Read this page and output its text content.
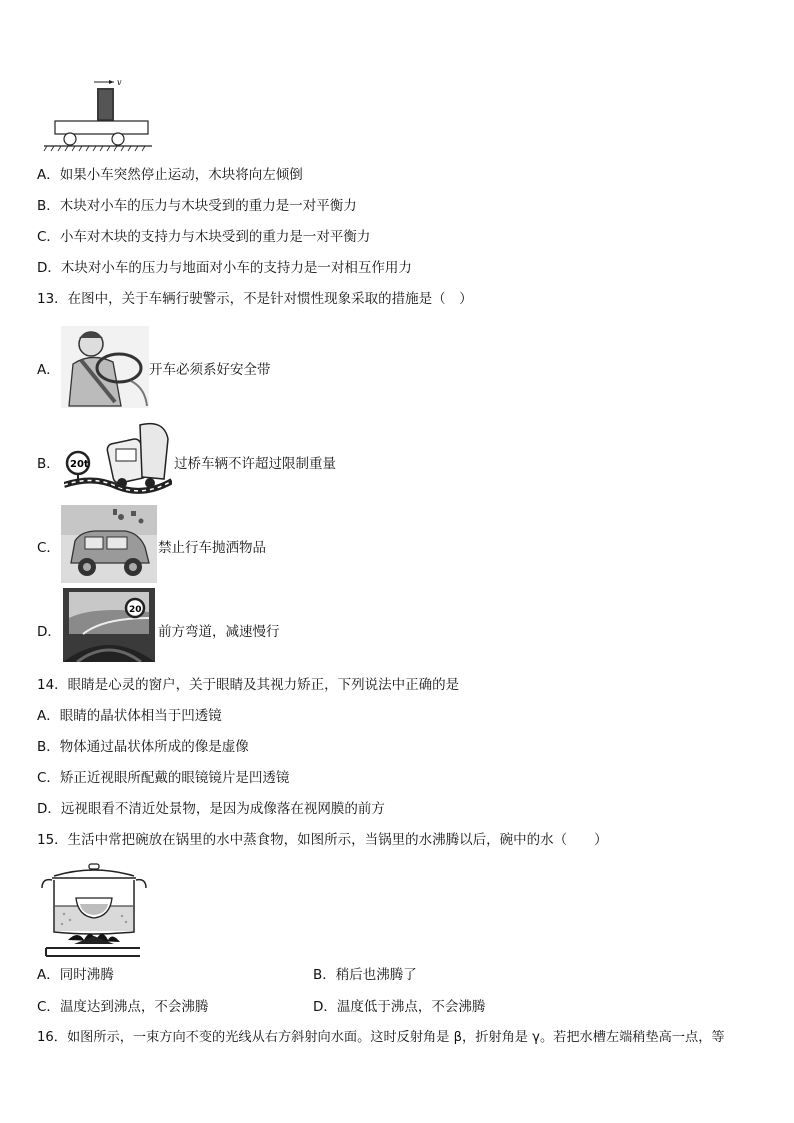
v
A．如果小车突然停止运动，木块将向左倾倒
B．木块对小车的压力与木块受到的重力是一对平衡力
C．小车对木块的支持力与木块受到的重力是一对平衡力
D．木块对小车的压力与地面对小车的支持力是一对相互作用力
13．在图中，关于车辆行驶警示，不是针对惯性现象采取的措施是（　）
A．	开车必须系好安全带
B． 20t	过桥车辆不许超过限制重量
C．	禁止行车抛洒物品
D．
20
前方弯道，减速慢行
14．眼睛是心灵的窗户，关于眼睛及其视力矫正，下列说法中正确的是
A．眼睛的晶状体相当于凹透镜
B．物体通过晶状体所成的像是虚像
C．矫正近视眼所配戴的眼镜镜片是凹透镜
D．远视眼看不清近处景物，是因为成像落在视网膜的前方
15．生活中常把碗放在锅里的水中蒸食物，如图所示，当锅里的水沸腾以后，碗中的水（　　）
A．同时沸腾	B．稍后也沸腾了
C．温度达到沸点，不会沸腾	D．温度低于沸点，不会沸腾
16．如图所示，一束方向不变的光线从右方斜射向水面。这时反射角是 β，折射角是 γ。若把水槽左端稍垫高一点，等
